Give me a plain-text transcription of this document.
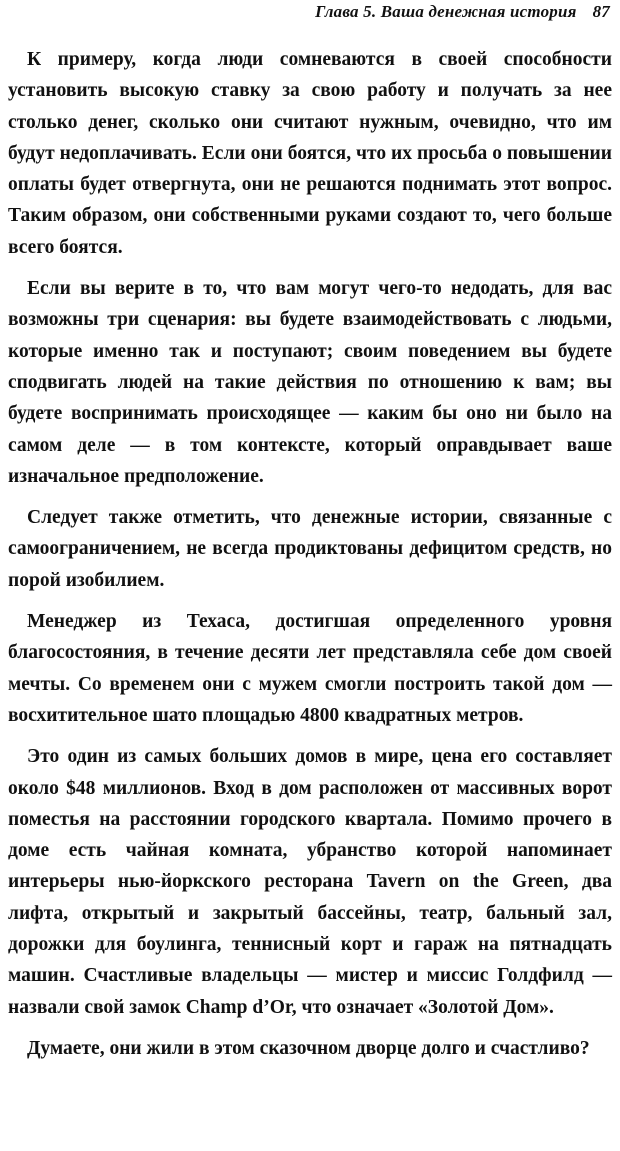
Глава 5. Ваша денежная история 87

К примеру, когда люди сомневаются в своей способности установить высокую ставку за свою работу и получать за нее столько денег, сколько они считают нужным, очевидно, что им будут недоплачивать. Если они боятся, что их просьба о повышении оплаты будет отвергнута, они не решаются поднимать этот вопрос. Таким образом, они собственными руками создают то, чего больше всего боятся.

Если вы верите в то, что вам могут чего-то недодать, для вас возможны три сценария: вы будете взаимодействовать с людьми, которые именно так и поступают; своим поведением вы будете сподвигать людей на такие действия по отношению к вам; вы будете воспринимать происходящее — каким бы оно ни было на самом деле — в том контексте, который оправдывает ваше изначальное предположение.

Следует также отметить, что денежные истории, связанные с самоограничением, не всегда продиктованы дефицитом средств, но порой изобилием.

Менеджер из Техаса, достигшая определенного уровня благосостояния, в течение десяти лет представляла себе дом своей мечты. Со временем они с мужем смогли построить такой дом — восхитительное шато площадью 4800 квадратных метров.

Это один из самых больших домов в мире, цена его составляет около $48 миллионов. Вход в дом расположен от массивных ворот поместья на расстоянии городского квартала. Помимо прочего в доме есть чайная комната, убранство которой напоминает интерьеры нью-йоркского ресторана Tavern on the Green, два лифта, открытый и закрытый бассейны, театр, бальный зал, дорожки для боулинга, теннисный корт и гараж на пятнадцать машин. Счастливые владельцы — мистер и миссис Голдфилд — назвали свой замок Champ d’Or, что означает «Золотой Дом».

Думаете, они жили в этом сказочном дворце долго и счастливо?
